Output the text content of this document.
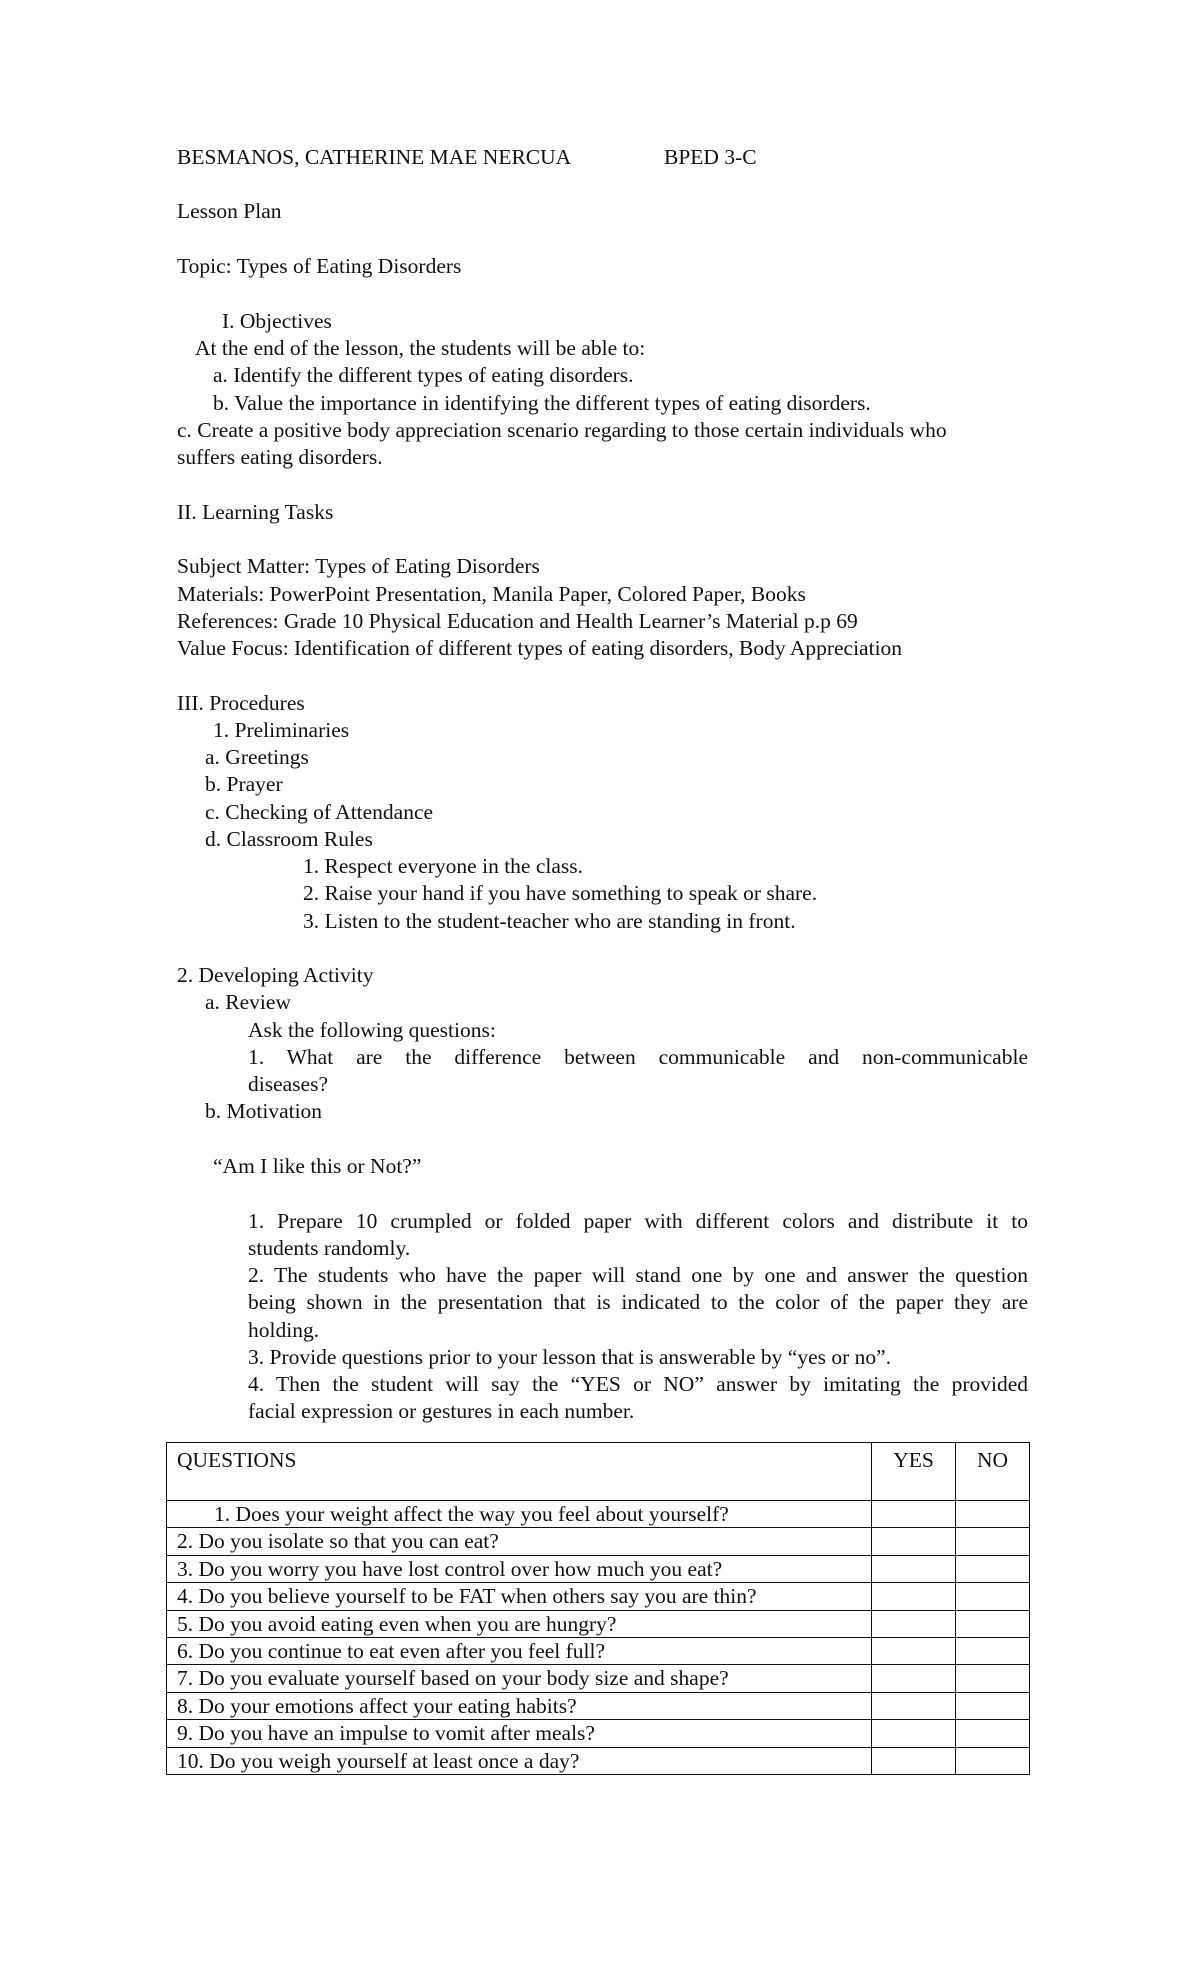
BESMANOS, CATHERINE MAE NERCUA	BPED 3-C
Lesson Plan
Topic: Types of Eating Disorders
I. Objectives
At the end of the lesson, the students will be able to:
a. Identify the different types of eating disorders.
b. Value the importance in identifying the different types of eating disorders.
c. Create a positive body appreciation scenario regarding to those certain individuals who
suffers eating disorders.
II. Learning Tasks
Subject Matter: Types of Eating Disorders
Materials: PowerPoint Presentation, Manila Paper, Colored Paper, Books
References: Grade 10 Physical Education and Health Learner’s Material p.p 69
Value Focus: Identification of different types of eating disorders, Body Appreciation
III. Procedures
1. Preliminaries
a. Greetings
b. Prayer
c. Checking of Attendance
d. Classroom Rules
1. Respect everyone in the class.
2. Raise your hand if you have something to speak or share.
3. Listen to the student-teacher who are standing in front.
2. Developing Activity
a. Review
Ask the following questions:
1. What are the difference between communicable and non-communicable
diseases?
b. Motivation
“Am I like this or Not?”
1. Prepare 10 crumpled or folded paper with different colors and distribute it to
students randomly.
2. The students who have the paper will stand one by one and answer the question
being shown in the presentation that is indicated to the color of the paper they are
holding.
3. Provide questions prior to your lesson that is answerable by “yes or no”.
4. Then the student will say the “YES or NO” answer by imitating the provided
facial expression or gestures in each number.
QUESTIONS	YES	NO
1. Does your weight affect the way you feel about yourself?		
2. Do you isolate so that you can eat?		
3. Do you worry you have lost control over how much you eat?		
4. Do you believe yourself to be FAT when others say you are thin?		
5. Do you avoid eating even when you are hungry?		
6. Do you continue to eat even after you feel full?		
7. Do you evaluate yourself based on your body size and shape?		
8. Do your emotions affect your eating habits?		
9. Do you have an impulse to vomit after meals?		
10. Do you weigh yourself at least once a day?		
